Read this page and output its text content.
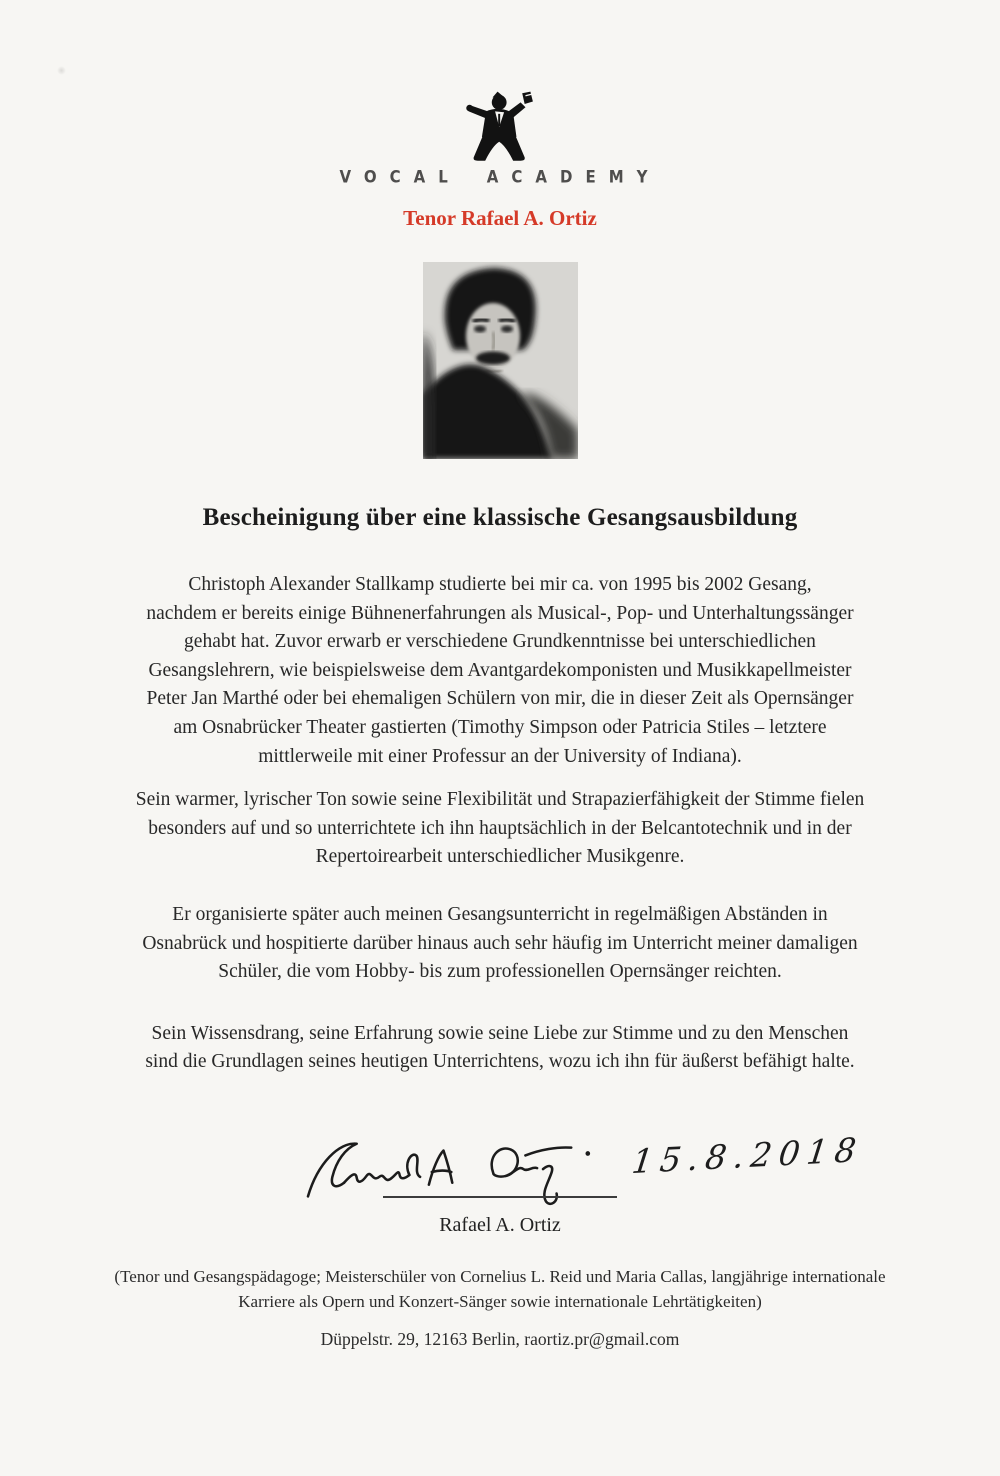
VOCAL ACADEMY
Tenor Rafael A. Ortiz
Bescheinigung über eine klassische Gesangsausbildung
Christoph Alexander Stallkamp studierte bei mir ca. von 1995 bis 2002 Gesang,
nachdem er bereits einige Bühnenerfahrungen als Musical-, Pop- und Unterhaltungssänger
gehabt hat. Zuvor erwarb er verschiedene Grundkenntnisse bei unterschiedlichen
Gesangslehrern, wie beispielsweise dem Avantgardekomponisten und Musikkapellmeister
Peter Jan Marthé oder bei ehemaligen Schülern von mir, die in dieser Zeit als Opernsänger
am Osnabrücker Theater gastierten (Timothy Simpson oder Patricia Stiles – letztere
mittlerweile mit einer Professur an der University of Indiana).
Sein warmer, lyrischer Ton sowie seine Flexibilität und Strapazierfähigkeit der Stimme fielen
besonders auf und so unterrichtete ich ihn hauptsächlich in der Belcantotechnik und in der
Repertoirearbeit unterschiedlicher Musikgenre.
Er organisierte später auch meinen Gesangsunterricht in regelmäßigen Abständen in
Osnabrück und hospitierte darüber hinaus auch sehr häufig im Unterricht meiner damaligen
Schüler, die vom Hobby- bis zum professionellen Opernsänger reichten.
Sein Wissensdrang, seine Erfahrung sowie seine Liebe zur Stimme und zu den Menschen
sind die Grundlagen seines heutigen Unterrichtens, wozu ich ihn für äußerst befähigt halte.
15.8.2018
Rafael A. Ortiz
(Tenor und Gesangspädagoge; Meisterschüler von Cornelius L. Reid und Maria Callas, langjährige internationale
Karriere als Opern und Konzert-Sänger sowie internationale Lehrtätigkeiten)
Düppelstr. 29, 12163 Berlin, raortiz.pr@gmail.com
